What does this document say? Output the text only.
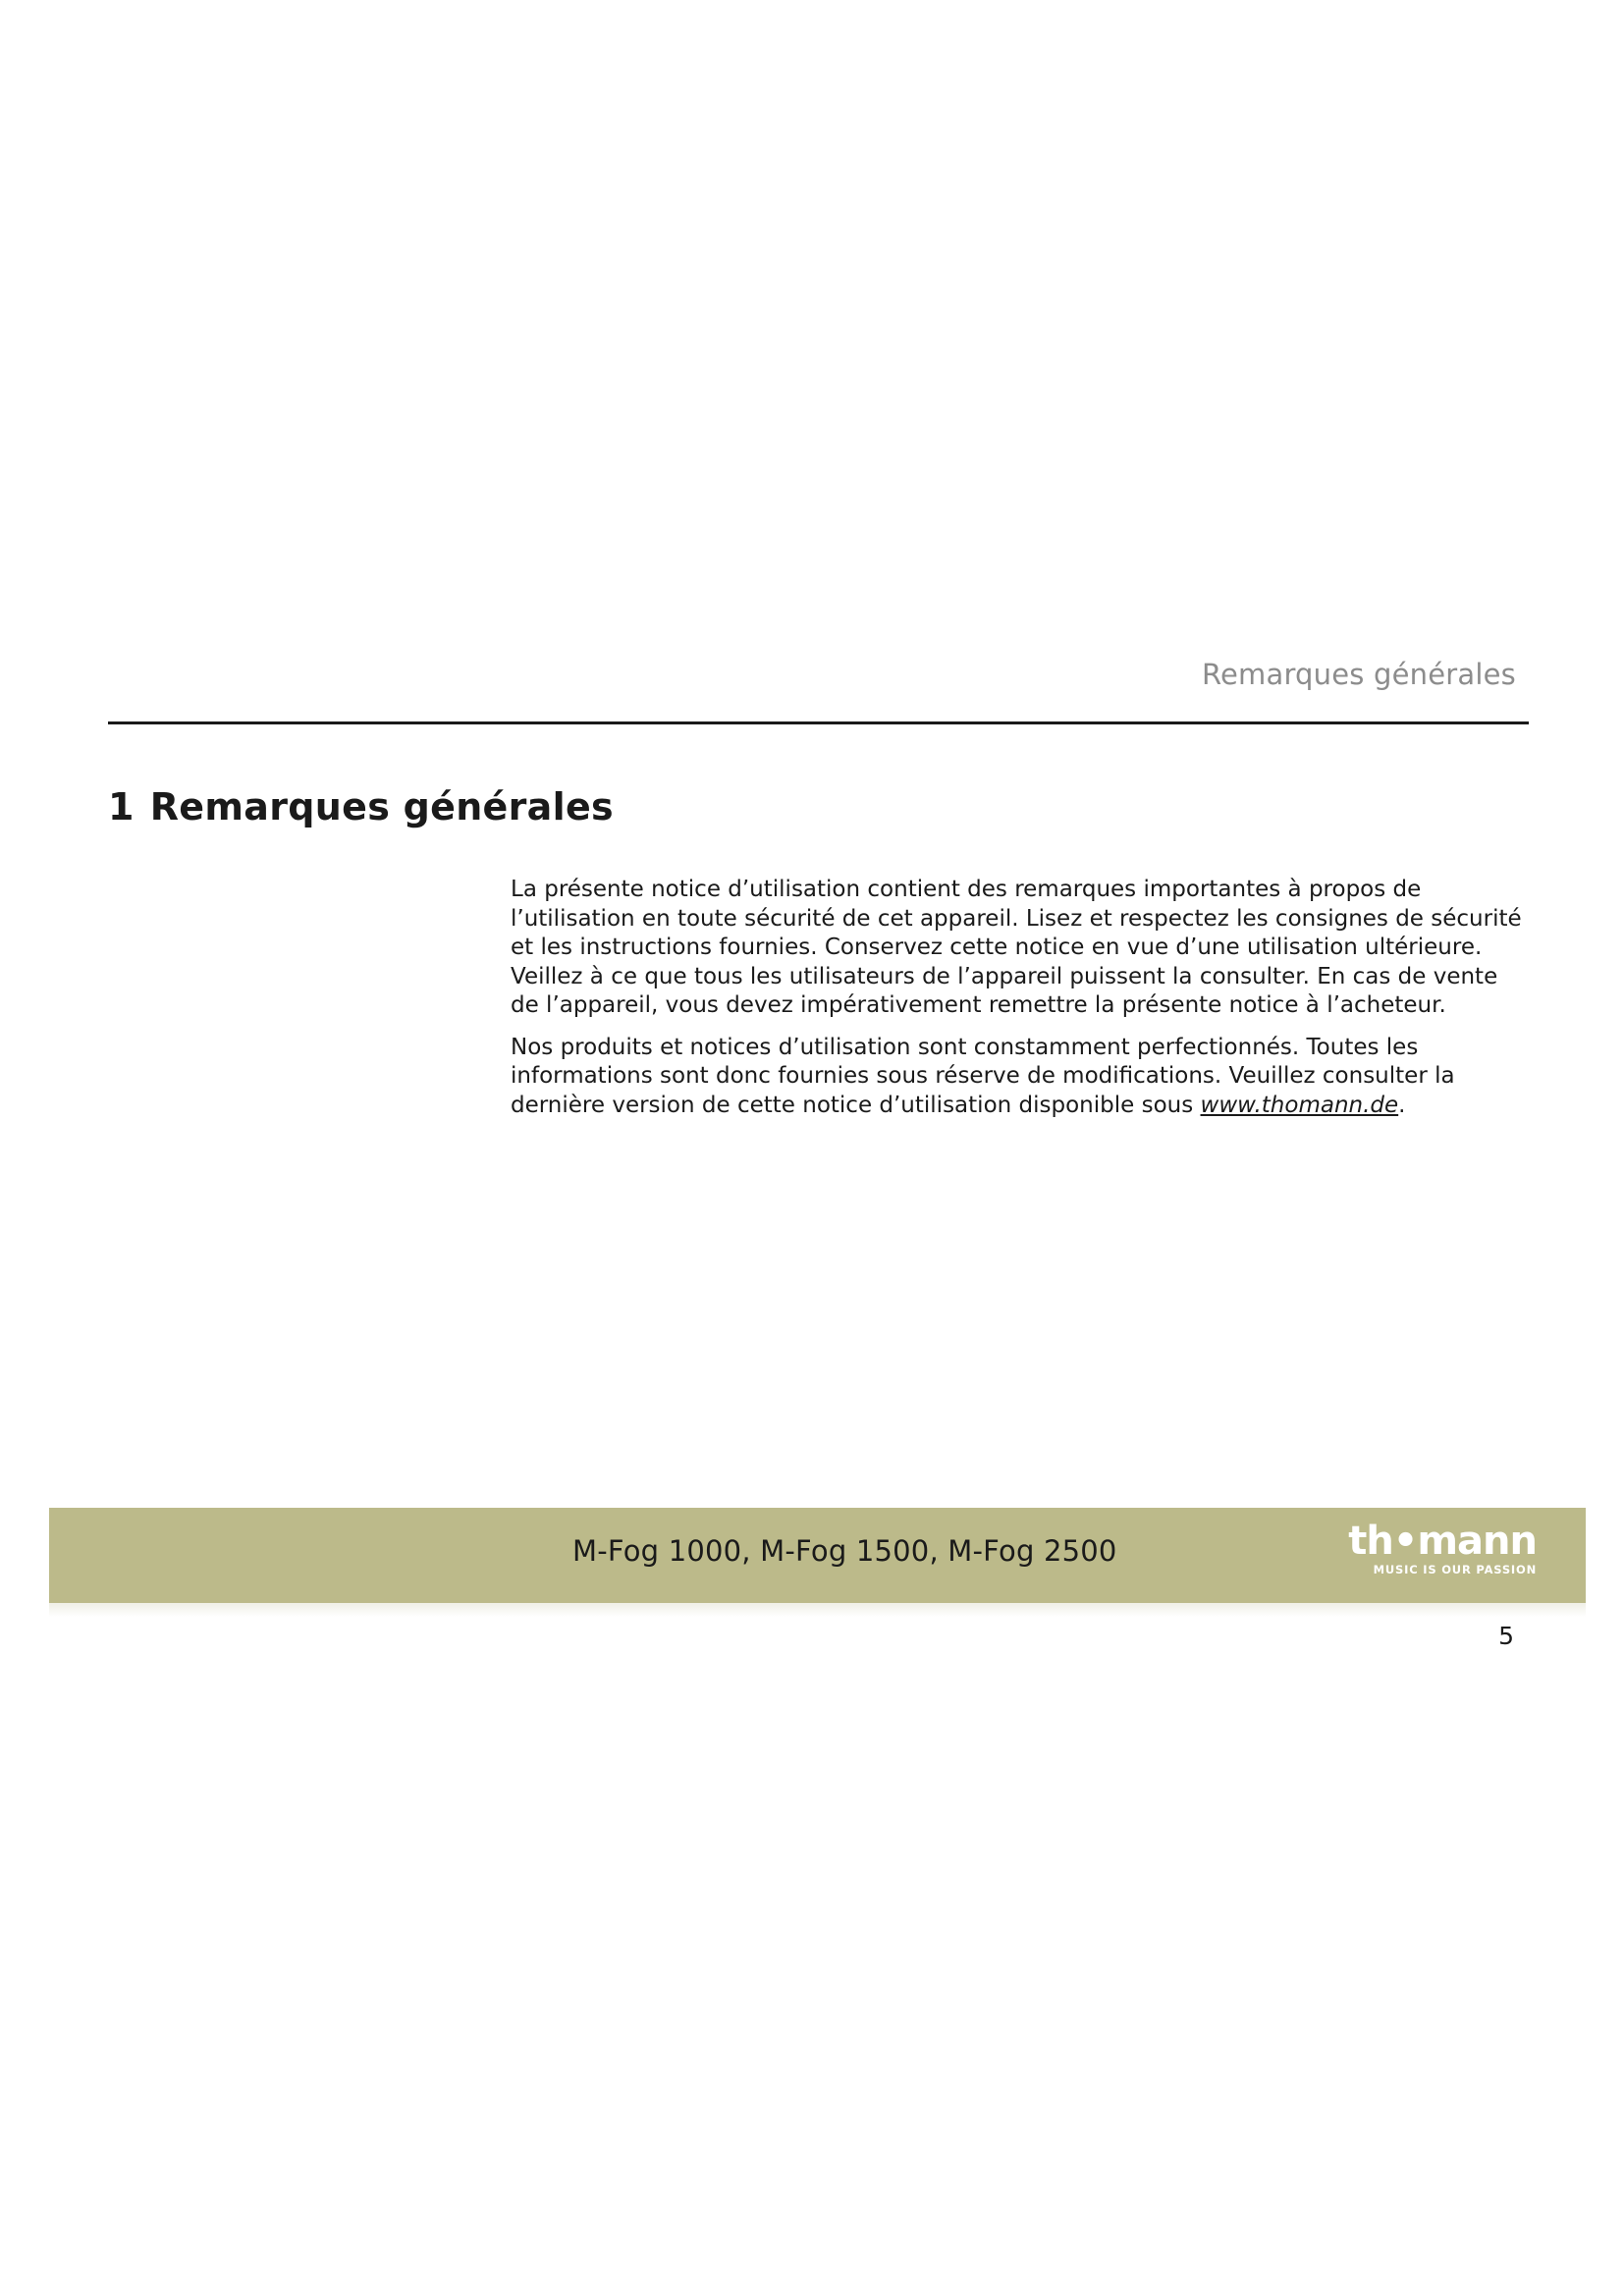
Remarques générales
1 Remarques générales

La présente notice d’utilisation contient des remarques importantes à propos de l’utilisation en toute sécurité de cet appareil. Lisez et respectez les consignes de sécurité et les instructions fournies. Conservez cette notice en vue d’une utilisation ultérieure. Veillez à ce que tous les utilisateurs de l’appareil puissent la consulter. En cas de vente de l’appareil, vous devez impérativement remettre la présente notice à l’acheteur.

Nos produits et notices d’utilisation sont constamment perfectionnés. Toutes les informations sont donc fournies sous réserve de modifications. Veuillez consulter la dernière version de cette notice d’utilisation disponible sous www.thomann.de.

M-Fog 1000, M-Fog 1500, M-Fog 2500	th•mann
MUSIC IS OUR PASSION
5
